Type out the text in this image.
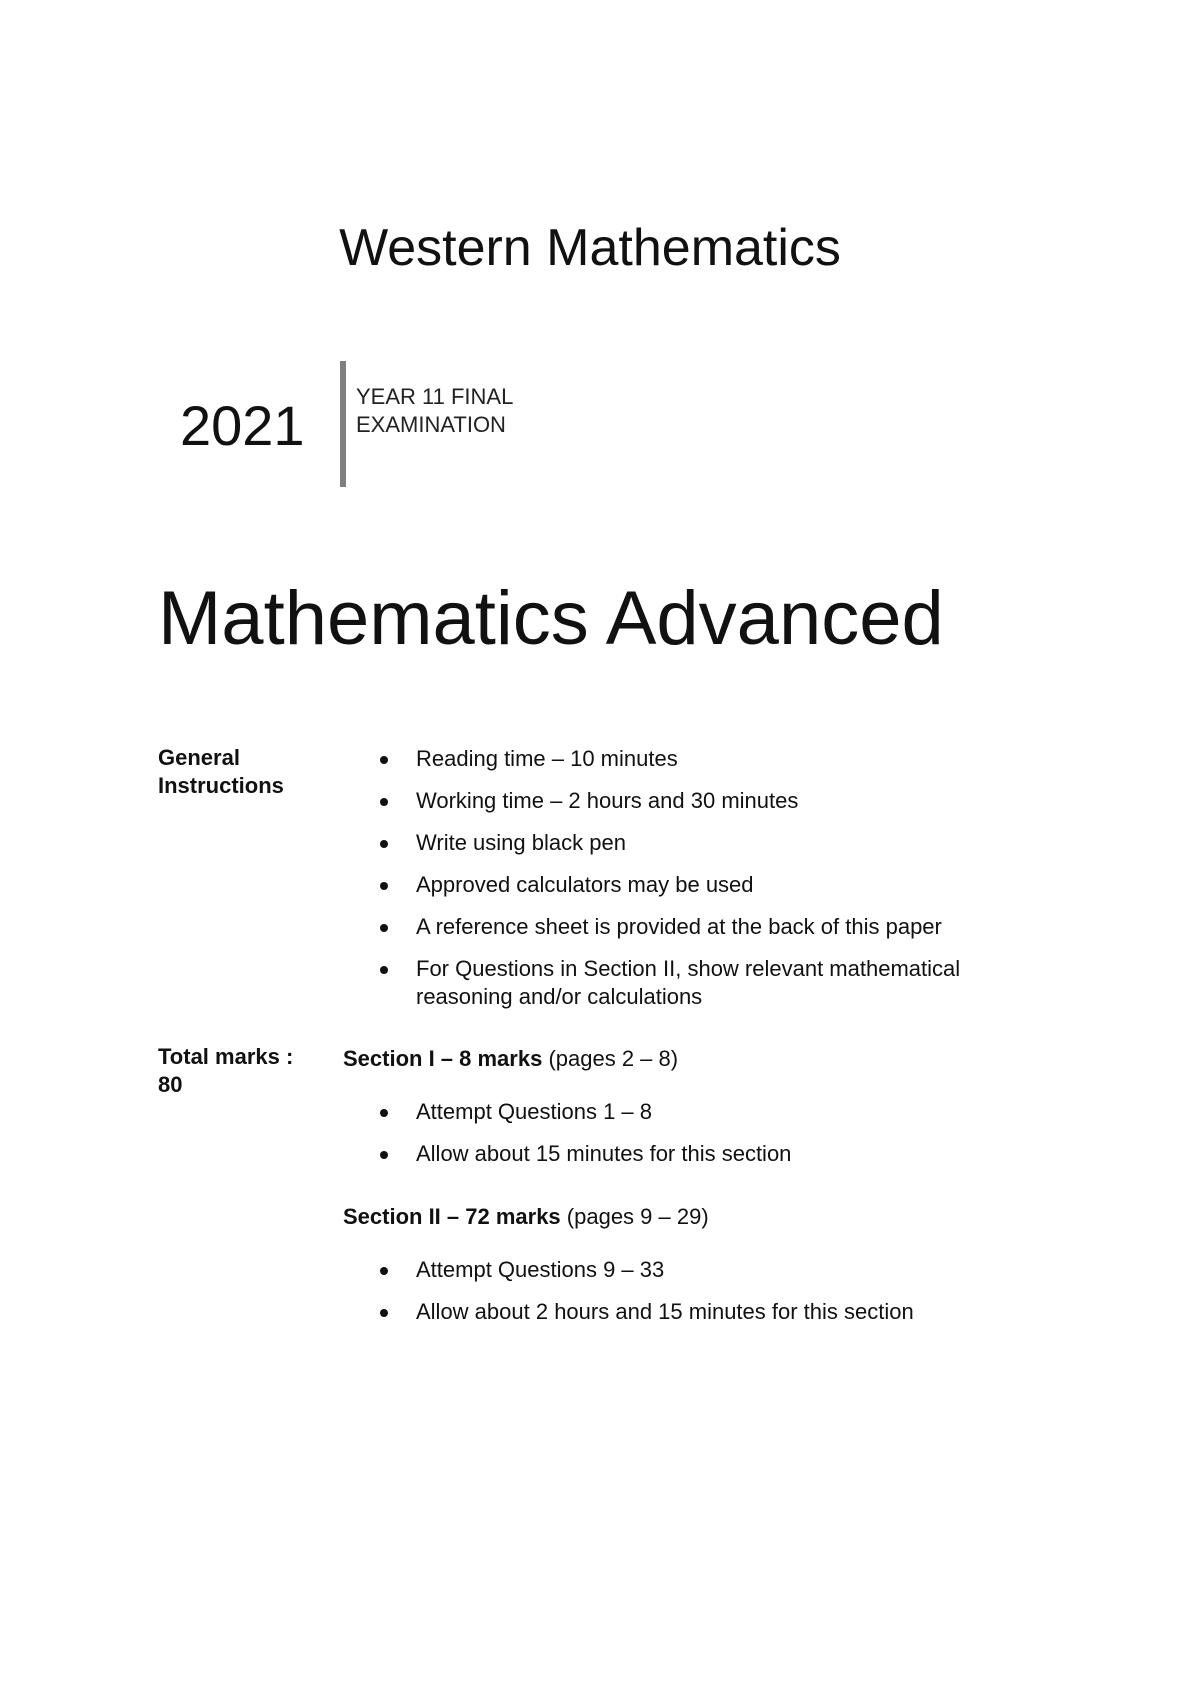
Western Mathematics
2021 YEAR 11 FINAL
EXAMINATION
Mathematics Advanced
General
Instructions
Reading time – 10 minutes
Working time – 2 hours and 30 minutes
Write using black pen
Approved calculators may be used
A reference sheet is provided at the back of this paper
For Questions in Section II, show relevant mathematical reasoning and/or calculations
Total marks :
80
Section I – 8 marks (pages 2 – 8)
Attempt Questions 1 – 8
Allow about 15 minutes for this section
Section II – 72 marks (pages 9 – 29)
Attempt Questions 9 – 33
Allow about 2 hours and 15 minutes for this section
